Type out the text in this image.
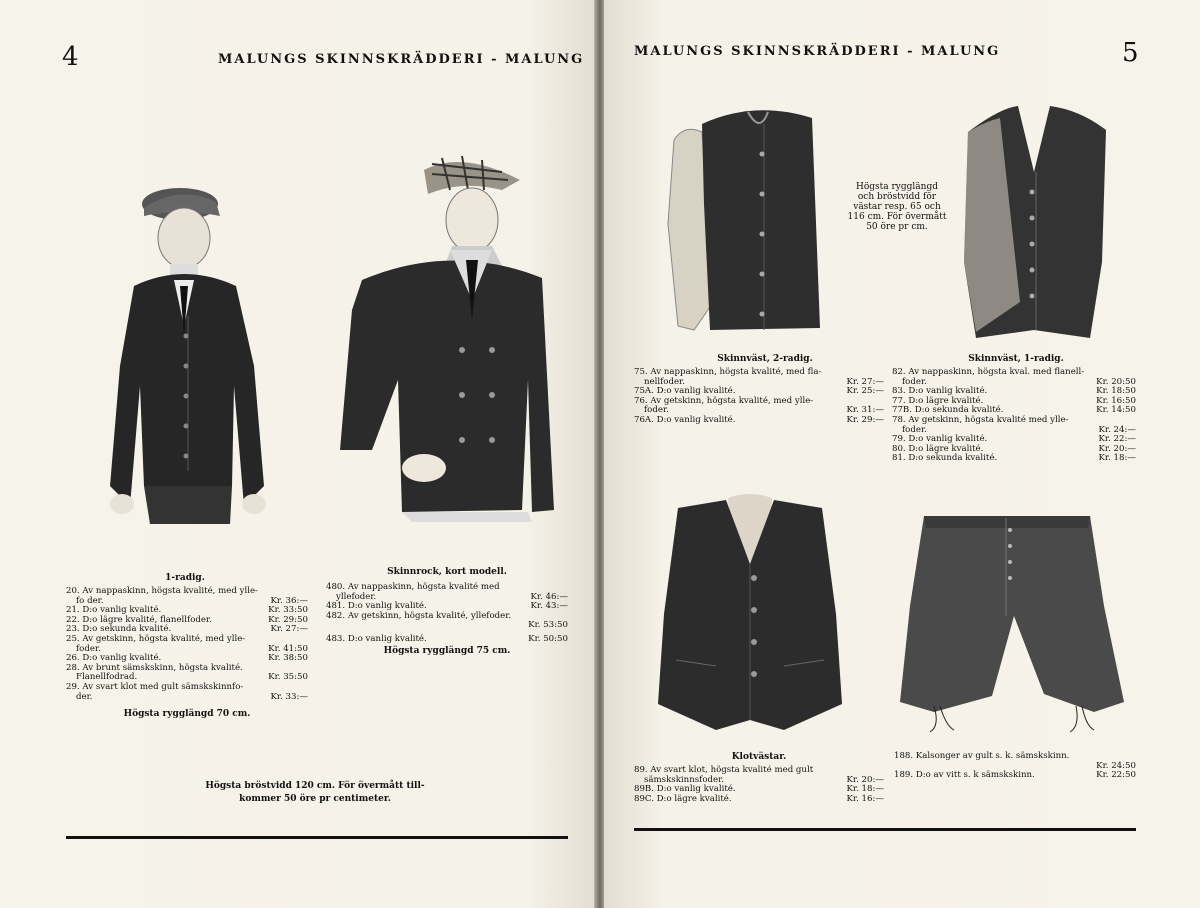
4	MALUNGS SKINNSKRÄDDERI - MALUNG
1-radig.
20. Av nappaskinn, högsta kvalité, med ylle-
fo der.	Kr. 36:—
21. D:o vanlig kvalité.	Kr. 33:50
22. D:o lägre kvalité, flanellfoder.	Kr. 29:50
23. D:o sekunda kvalité.	Kr. 27:—
25. Av getskinn, högsta kvalité, med ylle-
foder.	Kr. 41:50
26. D:o vanlig kvalité.	Kr. 38:50
28. Av brunt sämskskinn, högsta kvalité.
Flanellfodrad.	Kr. 35:50
29. Av svart klot med gult sämskskinnfo-
der.	Kr. 33:—
Högsta rygglängd 70 cm.
Skinnrock, kort modell.
480. Av nappaskinn, högsta kvalité med
yllefoder.	Kr. 46:—
481. D:o vanlig kvalité.	Kr. 43:—
482. Av getskinn, högsta kvalité, yllefoder.
Kr. 53:50
483. D:o vanlig kvalité.	Kr. 50:50
Högsta rygglängd 75 cm.
Högsta bröstvidd 120 cm. För övermått till-
kommer 50 öre pr centimeter.
MALUNGS SKINNSKRÄDDERI - MALUNG	5
Högsta rygglängd
och bröstvidd för
västar resp. 65 och
116 cm. För övermått
50 öre pr cm.
Skinnväst, 2-radig.
75. Av nappaskinn, högsta kvalité, med fla-
nellfoder.	Kr. 27:—
75A. D:o vanlig kvalité.	Kr. 25:—
76. Av getskinn, högsta kvalité, med ylle-
foder.	Kr. 31:—
76A. D:o vanlig kvalité.	Kr. 29:—
Skinnväst, 1-radig.
82. Av nappaskinn, högsta kval. med flanell-
foder.	Kr. 20:50
83. D:o vanlig kvalité.	Kr. 18:50
77. D:o lägre kvalité.	Kr. 16:50
77B. D:o sekunda kvalité.	Kr. 14:50
78. Av getskinn, högsta kvalité med ylle-
foder.	Kr. 24:—
79. D:o vanlig kvalité.	Kr. 22:—
80. D:o lägre kvalité.	Kr. 20:—
81. D:o sekunda kvalité.	Kr. 18:—
Klotvästar.
89. Av svart klot, högsta kvalité med gult
sämskskinnsfoder.	Kr. 20:—
89B. D:o vanlig kvalité.	Kr. 18:—
89C. D:o lägre kvalité.	Kr. 16:—
188. Kalsonger av gult s. k. sämskskinn.
Kr. 24:50
189. D:o av vitt s. k sämskskinn.	Kr. 22:50
